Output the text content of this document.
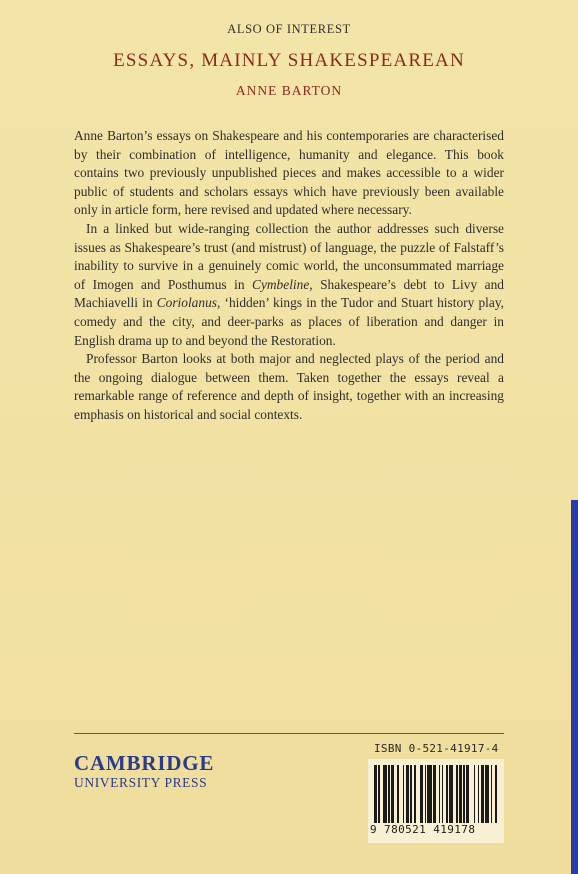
ALSO OF INTEREST
ESSAYS, MAINLY SHAKESPEAREAN
ANNE BARTON

Anne Barton’s essays on Shakespeare and his contemporaries are characterised by their combination of intelligence, humanity and elegance. This book contains two previously unpublished pieces and makes accessible to a wider public of students and scholars essays which have previously been available only in article form, here revised and updated where necessary.

In a linked but wide-ranging collection the author addresses such diverse issues as Shakespeare’s trust (and mistrust) of language, the puzzle of Falstaff’s inability to survive in a genuinely comic world, the unconsummated marriage of Imogen and Posthumus in Cymbeline, Shakespeare’s debt to Livy and Machiavelli in Coriolanus, ‘hidden’ kings in the Tudor and Stuart history play, comedy and the city, and deer-parks as places of liberation and danger in English drama up to and beyond the Restoration.

Professor Barton looks at both major and neglected plays of the period and the ongoing dialogue between them. Taken together the essays reveal a remarkable range of reference and depth of insight, together with an increasing emphasis on historical and social contexts.

CAMBRIDGE
UNIVERSITY PRESS
ISBN 0-521-41917-4
9 780521 419178
